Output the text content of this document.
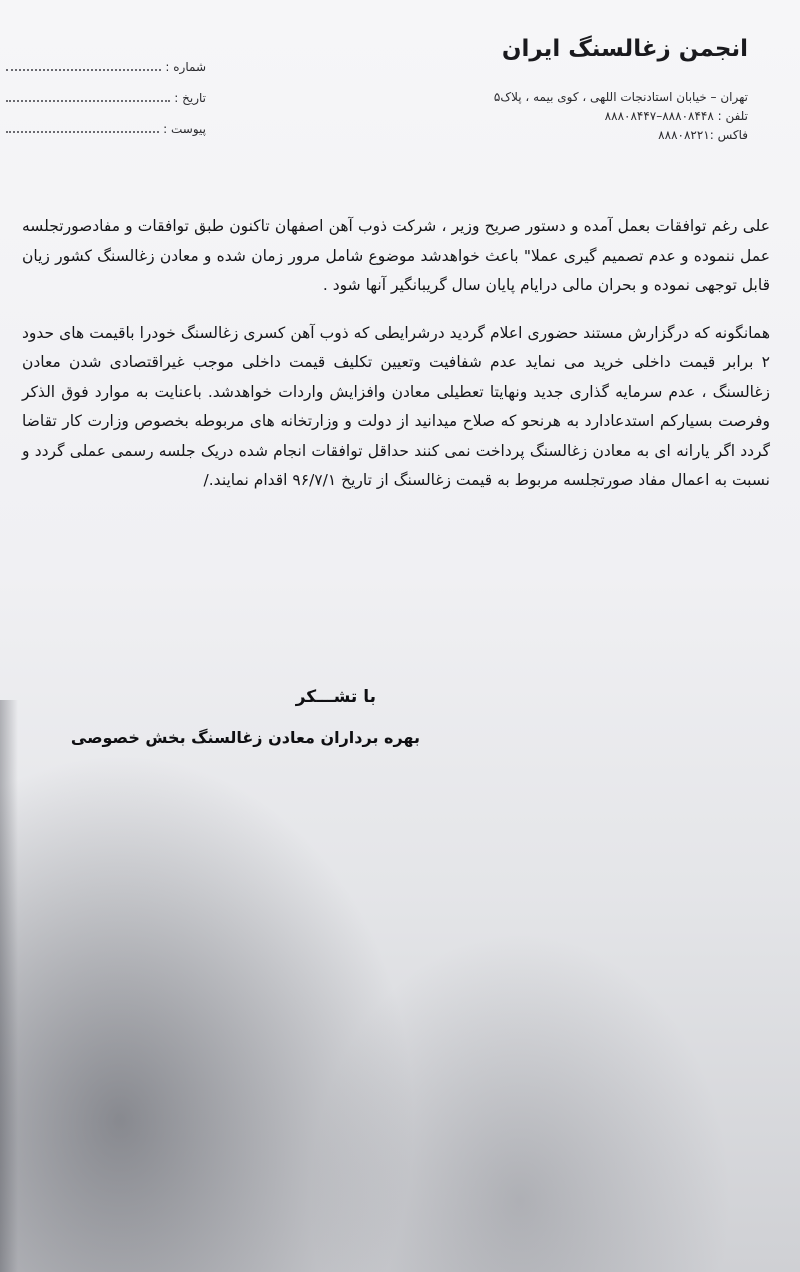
انجمن زغالسنگ ایران
تهران – خیابان استادنجات اللهی ، کوی بیمه ، پلاک۵
تلفن : ۸۸۸۰۸۴۴۸–۸۸۸۰۸۴۴۷
فاکس :۸۸۸۰۸۲۲۱
شماره :
تاریخ :
پیوست :

علی رغم توافقات بعمل آمده و دستور صریح وزیر ، شرکت ذوب آهن اصفهان تاکنون طبق توافقات و مفادصورتجلسه عمل ننموده و عدم تصمیم گیری عملا" باعث خواهدشد موضوع شامل مرور زمان شده و معادن زغالسنگ کشور زیان قابل توجهی نموده و بحران مالی درایام پایان سال گریبانگیر آنها شود .

همانگونه که درگزارش مستند حضوری اعلام گردید درشرایطی که ذوب آهن کسری زغالسنگ خودرا باقیمت های حدود ۲ برابر قیمت داخلی خرید می نماید عدم شفافیت وتعیین تکلیف قیمت داخلی موجب غیراقتصادی شدن معادن زغالسنگ ، عدم سرمایه گذاری جدید ونهایتا تعطیلی معادن وافزایش واردات خواهدشد. باعنایت به موارد فوق الذکر وفرصت بسیارکم استدعادارد به هرنحو که صلاح میدانید از دولت و وزارتخانه های مربوطه بخصوص وزارت کار تقاضا گردد اگر یارانه ای به معادن زغالسنگ پرداخت نمی کنند حداقل توافقات انجام شده دریک جلسه رسمی عملی گردد و نسبت به اعمال مفاد صورتجلسه مربوط به قیمت زغالسنگ از تاریخ ۹۶/۷/۱ اقدام نمایند./

با تشـــکر
بهره برداران معادن زغالسنگ بخش خصوصی
